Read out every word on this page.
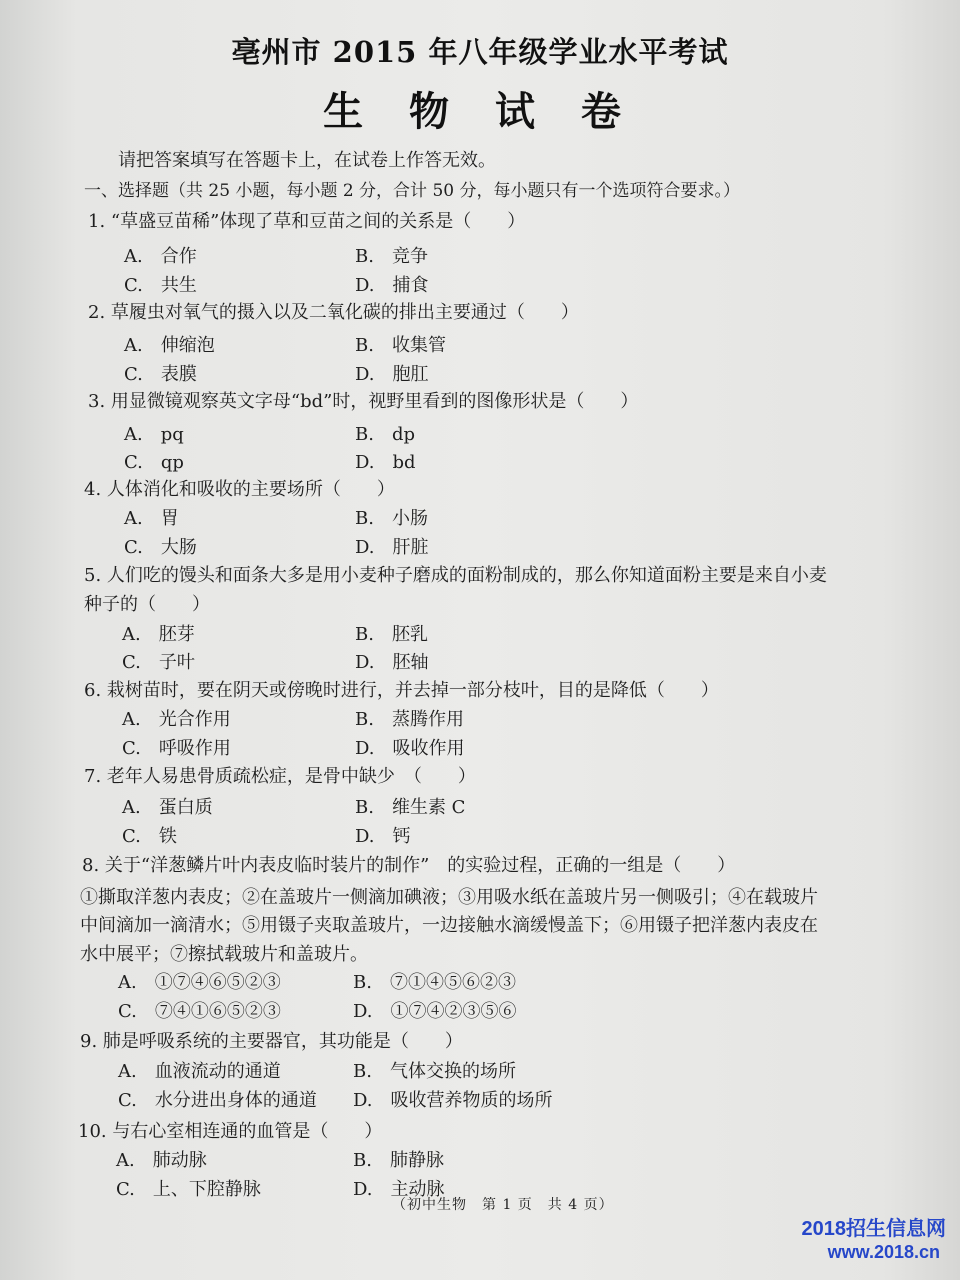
亳州市 2015 年八年级学业水平考试
生 物 试 卷
请把答案填写在答题卡上，在试卷上作答无效。
一、选择题（共 25 小题，每小题 2 分，合计 50 分，每小题只有一个选项符合要求。）
1. “草盛豆苗稀”体现了草和豆苗之间的关系是（　　）
A.　合作	B.　竞争
C.　共生	D.　捕食
2. 草履虫对氧气的摄入以及二氧化碳的排出主要通过（　　）
A.　伸缩泡	B.　收集管
C.　表膜	D.　胞肛
3. 用显微镜观察英文字母“bd”时，视野里看到的图像形状是（　　）
A.　pq	B.　dp
C.　qp	D.　bd
4. 人体消化和吸收的主要场所（　　）
A.　胃	B.　小肠
C.　大肠	D.　肝脏
5. 人们吃的馒头和面条大多是用小麦种子磨成的面粉制成的，那么你知道面粉主要是来自小麦
种子的（　　）
A.　胚芽	B.　胚乳
C.　子叶	D.　胚轴
6. 栽树苗时，要在阴天或傍晚时进行，并去掉一部分枝叶，目的是降低（　　）
A.　光合作用	B.　蒸腾作用
C.　呼吸作用	D.　吸收作用
7. 老年人易患骨质疏松症，是骨中缺少　（　　）
A.　蛋白质	B.　维生素 C
C.　铁	D.　钙
8. 关于“洋葱鳞片叶内表皮临时装片的制作”　的实验过程，正确的一组是（　　）
①撕取洋葱内表皮；②在盖玻片一侧滴加碘液；③用吸水纸在盖玻片另一侧吸引；④在载玻片
中间滴加一滴清水；⑤用镊子夹取盖玻片，一边接触水滴缓慢盖下；⑥用镊子把洋葱内表皮在
水中展平；⑦擦拭载玻片和盖玻片。
A.　①⑦④⑥⑤②③	B.　⑦①④⑤⑥②③
C.　⑦④①⑥⑤②③	D.　①⑦④②③⑤⑥
9. 肺是呼吸系统的主要器官，其功能是（　　）
A.　血液流动的通道	B.　气体交换的场所
C.　水分进出身体的通道 D.　吸收营养物质的场所
10. 与右心室相连通的血管是（　　）
A.　肺动脉	B.　肺静脉
C.　上、下腔静脉	D.　主动脉
（初中生物　第 1 页　共 4 页）
2018招生信息网
www.2018.cn
